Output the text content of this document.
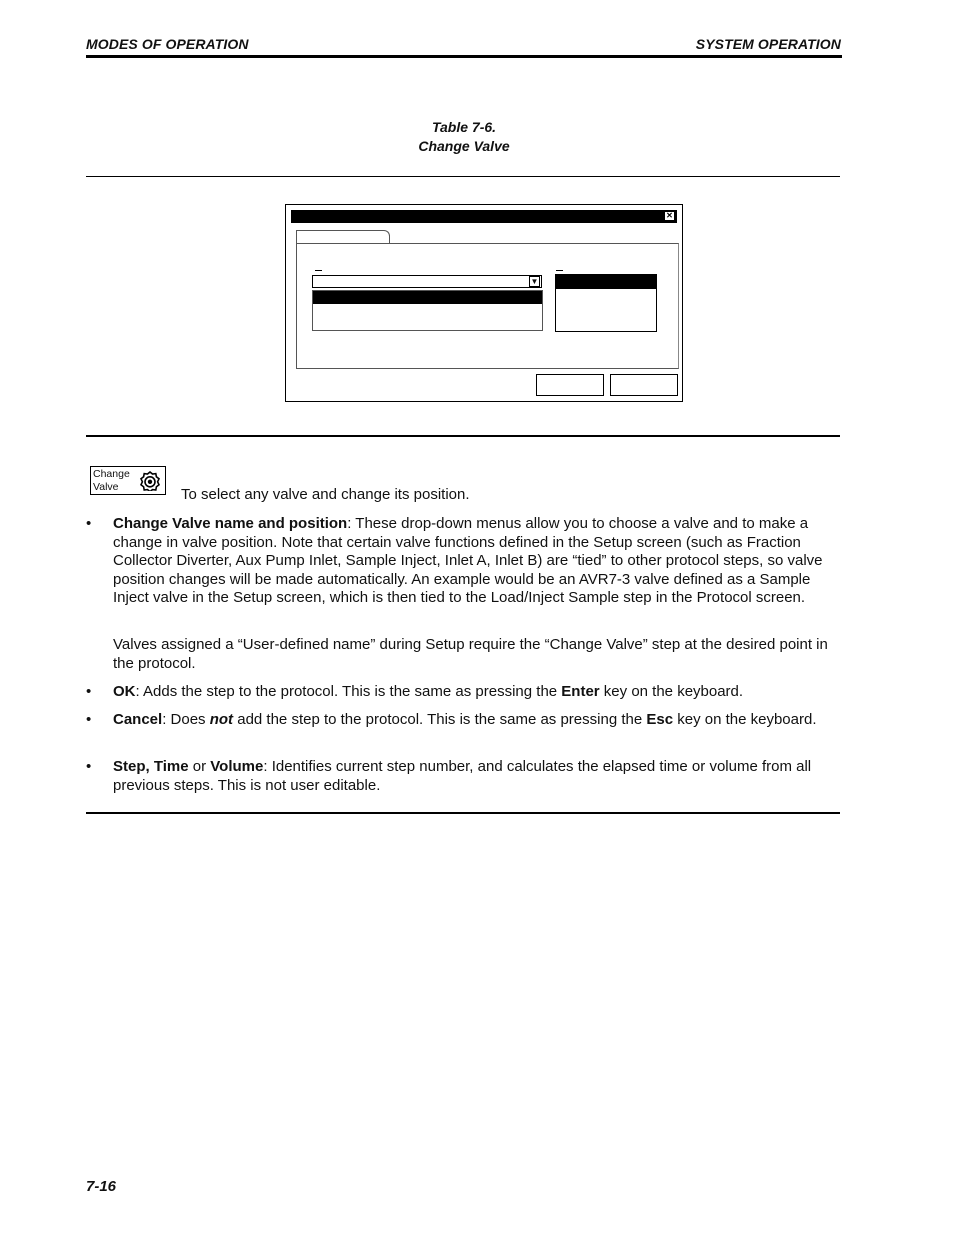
MODES OF OPERATION	SYSTEM OPERATION
Table 7-6.
Change Valve
✕
▼
Change
Valve	To select any valve and change its position.
• Change Valve name and position: These drop-down menus allow you to choose a valve and to make a change in valve position. Note that certain valve functions defined in the Setup screen (such as Fraction Collector Diverter, Aux Pump Inlet, Sample Inject, Inlet A, Inlet B) are “tied” to other protocol steps, so valve position changes will be made automatically. An example would be an AVR7-3 valve defined as a Sample Inject valve in the Setup screen, which is then tied to the Load/Inject Sample step in the Protocol screen.
Valves assigned a “User-defined name” during Setup require the “Change Valve” step at the desired point in the protocol.
• OK: Adds the step to the protocol. This is the same as pressing the Enter key on the keyboard.
• Cancel: Does not add the step to the protocol. This is the same as pressing the Esc key on the keyboard.
• Step, Time or Volume: Identifies current step number, and calculates the elapsed time or volume from all previous steps. This is not user editable.
7-16
